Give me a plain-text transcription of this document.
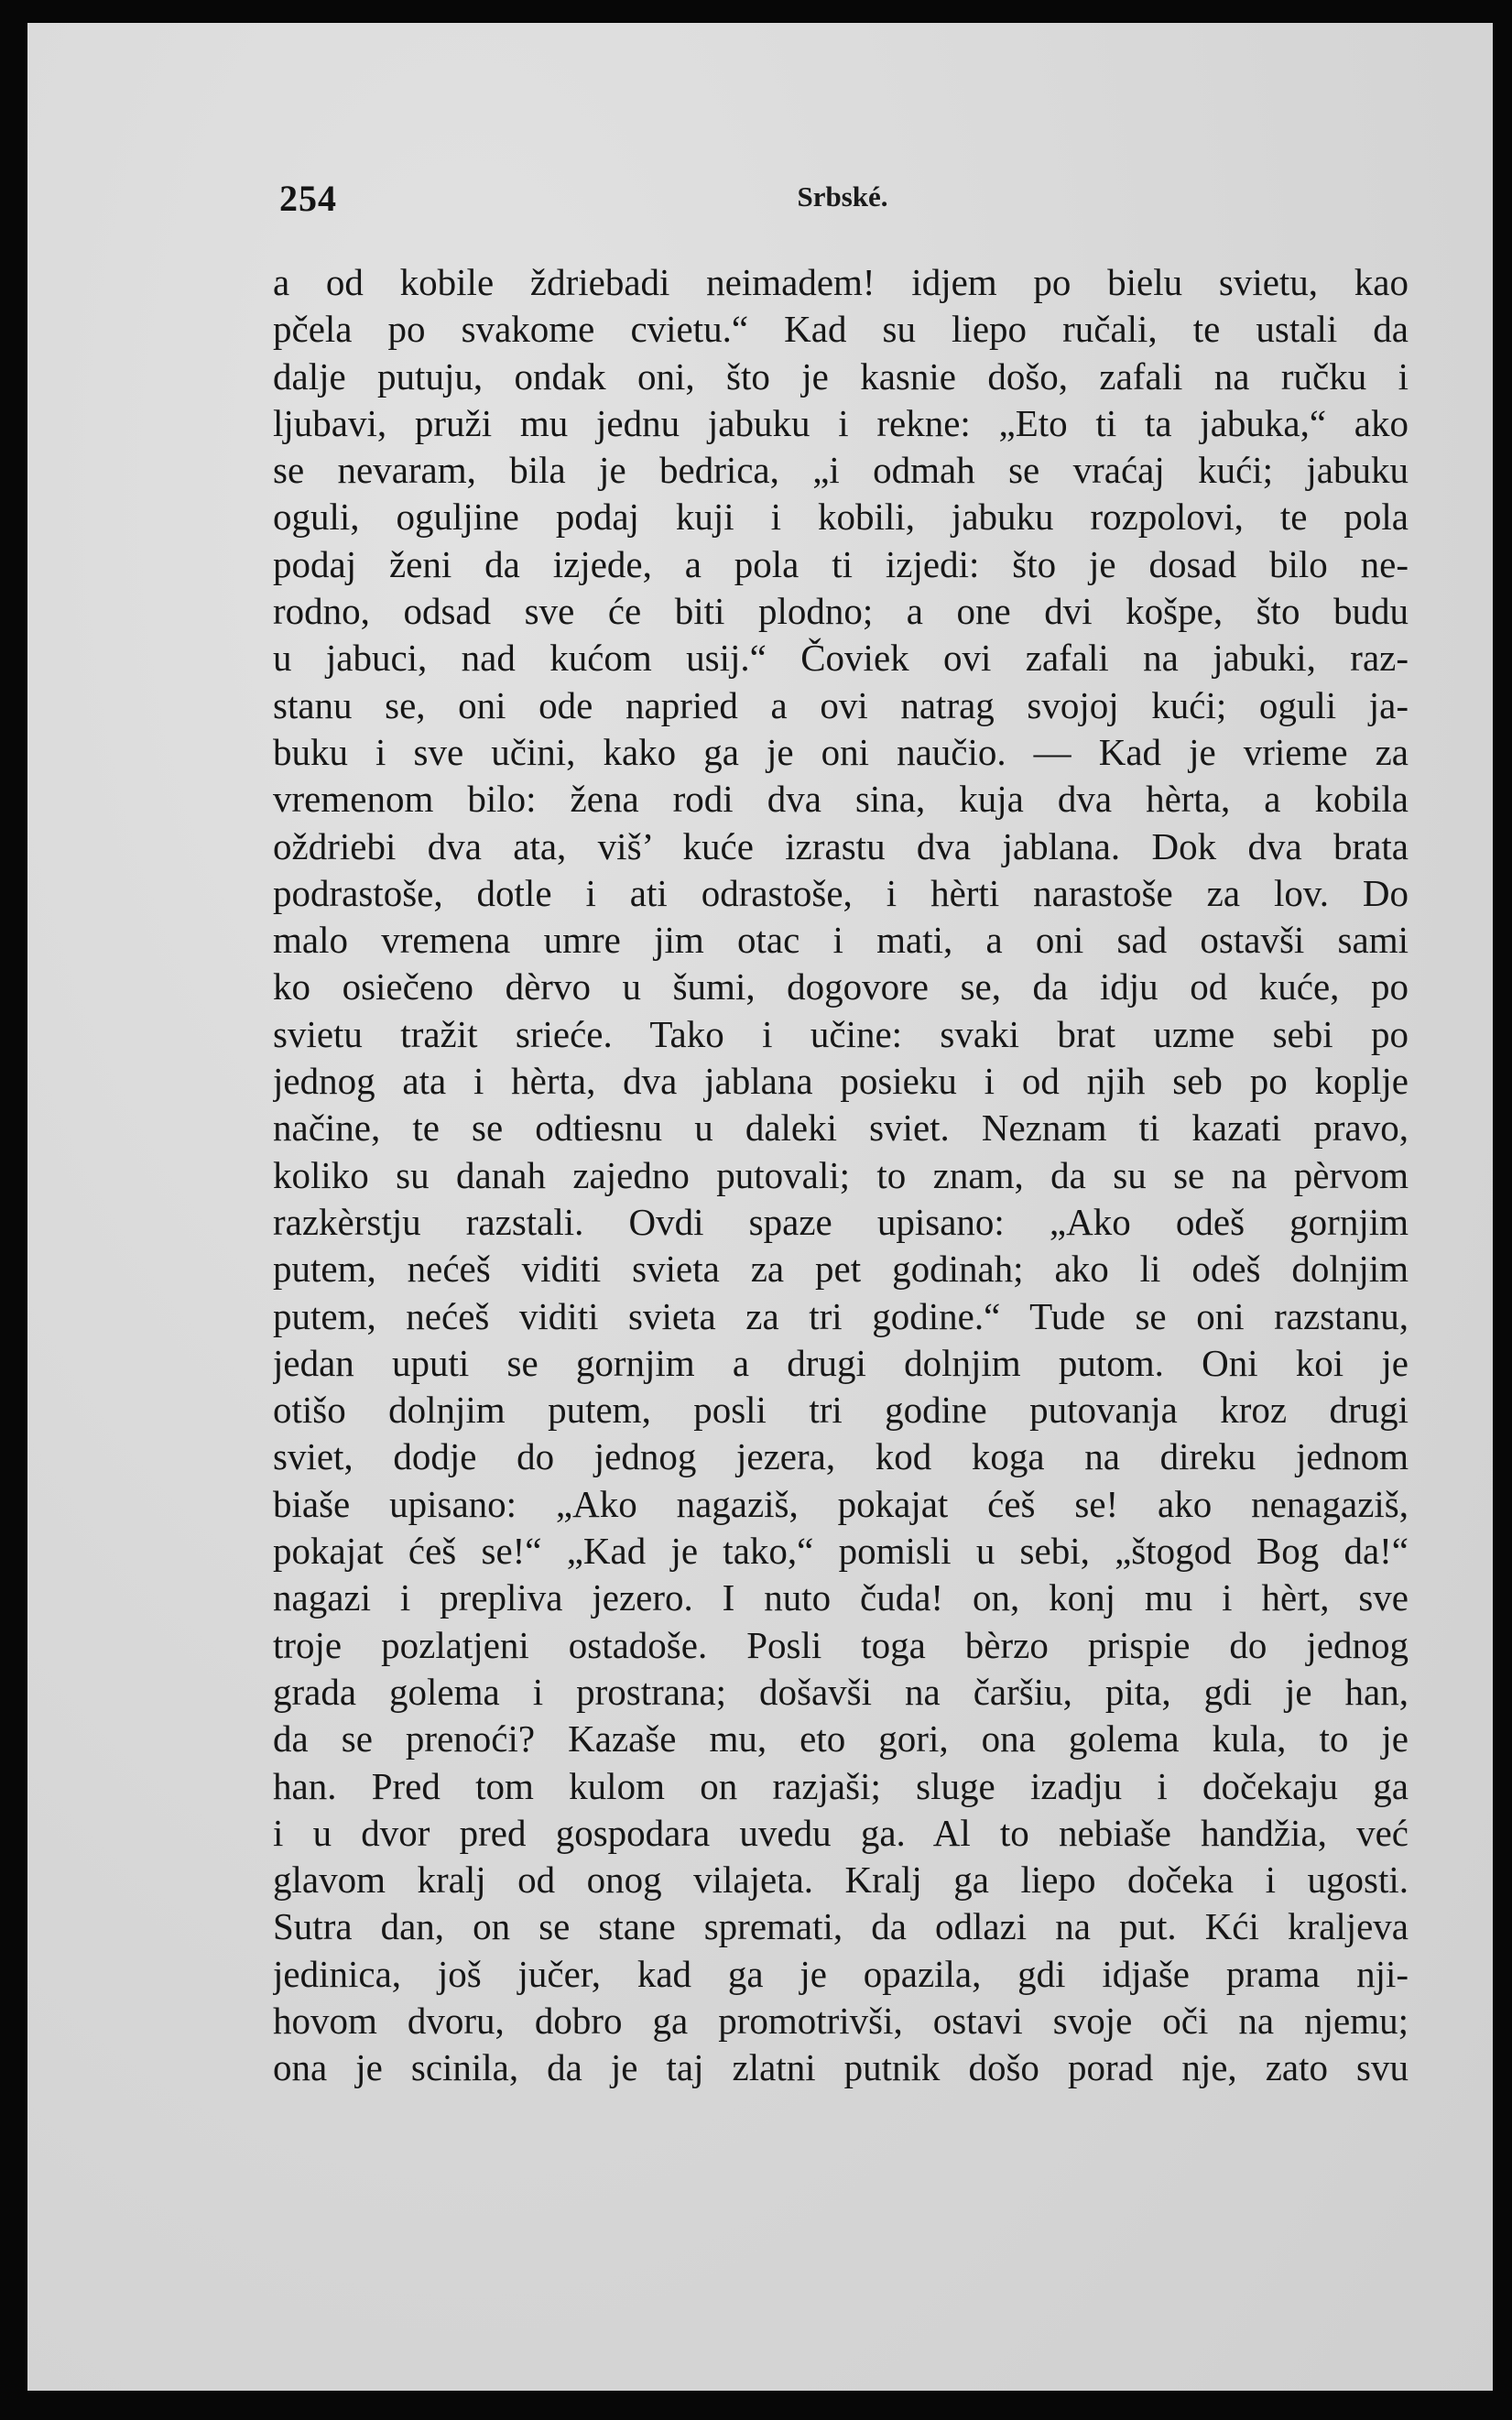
254	Srbské.
a od kobile ždriebadi neimadem! idjem po bielu svietu, kao
pčela po svakome cvietu.“ Kad su liepo ručali, te ustali da
dalje putuju, ondak oni, što je kasnie došo, zafali na ručku i
ljubavi, pruži mu jednu jabuku i rekne: „Eto ti ta jabuka,“ ako
se nevaram, bila je bedrica, „i odmah se vraćaj kući; jabuku
oguli, oguljine podaj kuji i kobili, jabuku rozpolovi, te pola
podaj ženi da izjede, a pola ti izjedi: što je dosad bilo ne-
rodno, odsad sve će biti plodno; a one dvi košpe, što budu
u jabuci, nad kućom usij.“ Čoviek ovi zafali na jabuki, raz-
stanu se, oni ode napried a ovi natrag svojoj kući; oguli ja-
buku i sve učini, kako ga je oni naučio. — Kad je vrieme za
vremenom bilo: žena rodi dva sina, kuja dva hèrta, a kobila
oždriebi dva ata, viš’ kuće izrastu dva jablana. Dok dva brata
podrastoše, dotle i ati odrastoše, i hèrti narastoše za lov. Do
malo vremena umre jim otac i mati, a oni sad ostavši sami
ko osiečeno dèrvo u šumi, dogovore se, da idju od kuće, po
svietu tražit srieće. Tako i učine: svaki brat uzme sebi po
jednog ata i hèrta, dva jablana posieku i od njih seb po koplje
načine, te se odtiesnu u daleki sviet. Neznam ti kazati pravo,
koliko su danah zajedno putovali; to znam, da su se na pèrvom
razkèrstju razstali. Ovdi spaze upisano: „Ako odeš gornjim
putem, nećeš viditi svieta za pet godinah; ako li odeš dolnjim
putem, nećeš viditi svieta za tri godine.“ Tude se oni razstanu,
jedan uputi se gornjim a drugi dolnjim putom. Oni koi je
otišo dolnjim putem, posli tri godine putovanja kroz drugi
sviet, dodje do jednog jezera, kod koga na direku jednom
biaše upisano: „Ako nagaziš, pokajat ćeš se! ako nenagaziš,
pokajat ćeš se!“ „Kad je tako,“ pomisli u sebi, „štogod Bog da!“
nagazi i prepliva jezero. I nuto čuda! on, konj mu i hèrt, sve
troje pozlatjeni ostadoše. Posli toga bèrzo prispie do jednog
grada golema i prostrana; došavši na čaršiu, pita, gdi je han,
da se prenoći? Kazaše mu, eto gori, ona golema kula, to je
han. Pred tom kulom on razjaši; sluge izadju i dočekaju ga
i u dvor pred gospodara uvedu ga. Al to nebiaše handžia, već
glavom kralj od onog vilajeta. Kralj ga liepo dočeka i ugosti.
Sutra dan, on se stane spremati, da odlazi na put. Kći kraljeva
jedinica, još jučer, kad ga je opazila, gdi idjaše prama nji-
hovom dvoru, dobro ga promotrivši, ostavi svoje oči na njemu;
ona je scinila, da je taj zlatni putnik došo porad nje, zato svu
